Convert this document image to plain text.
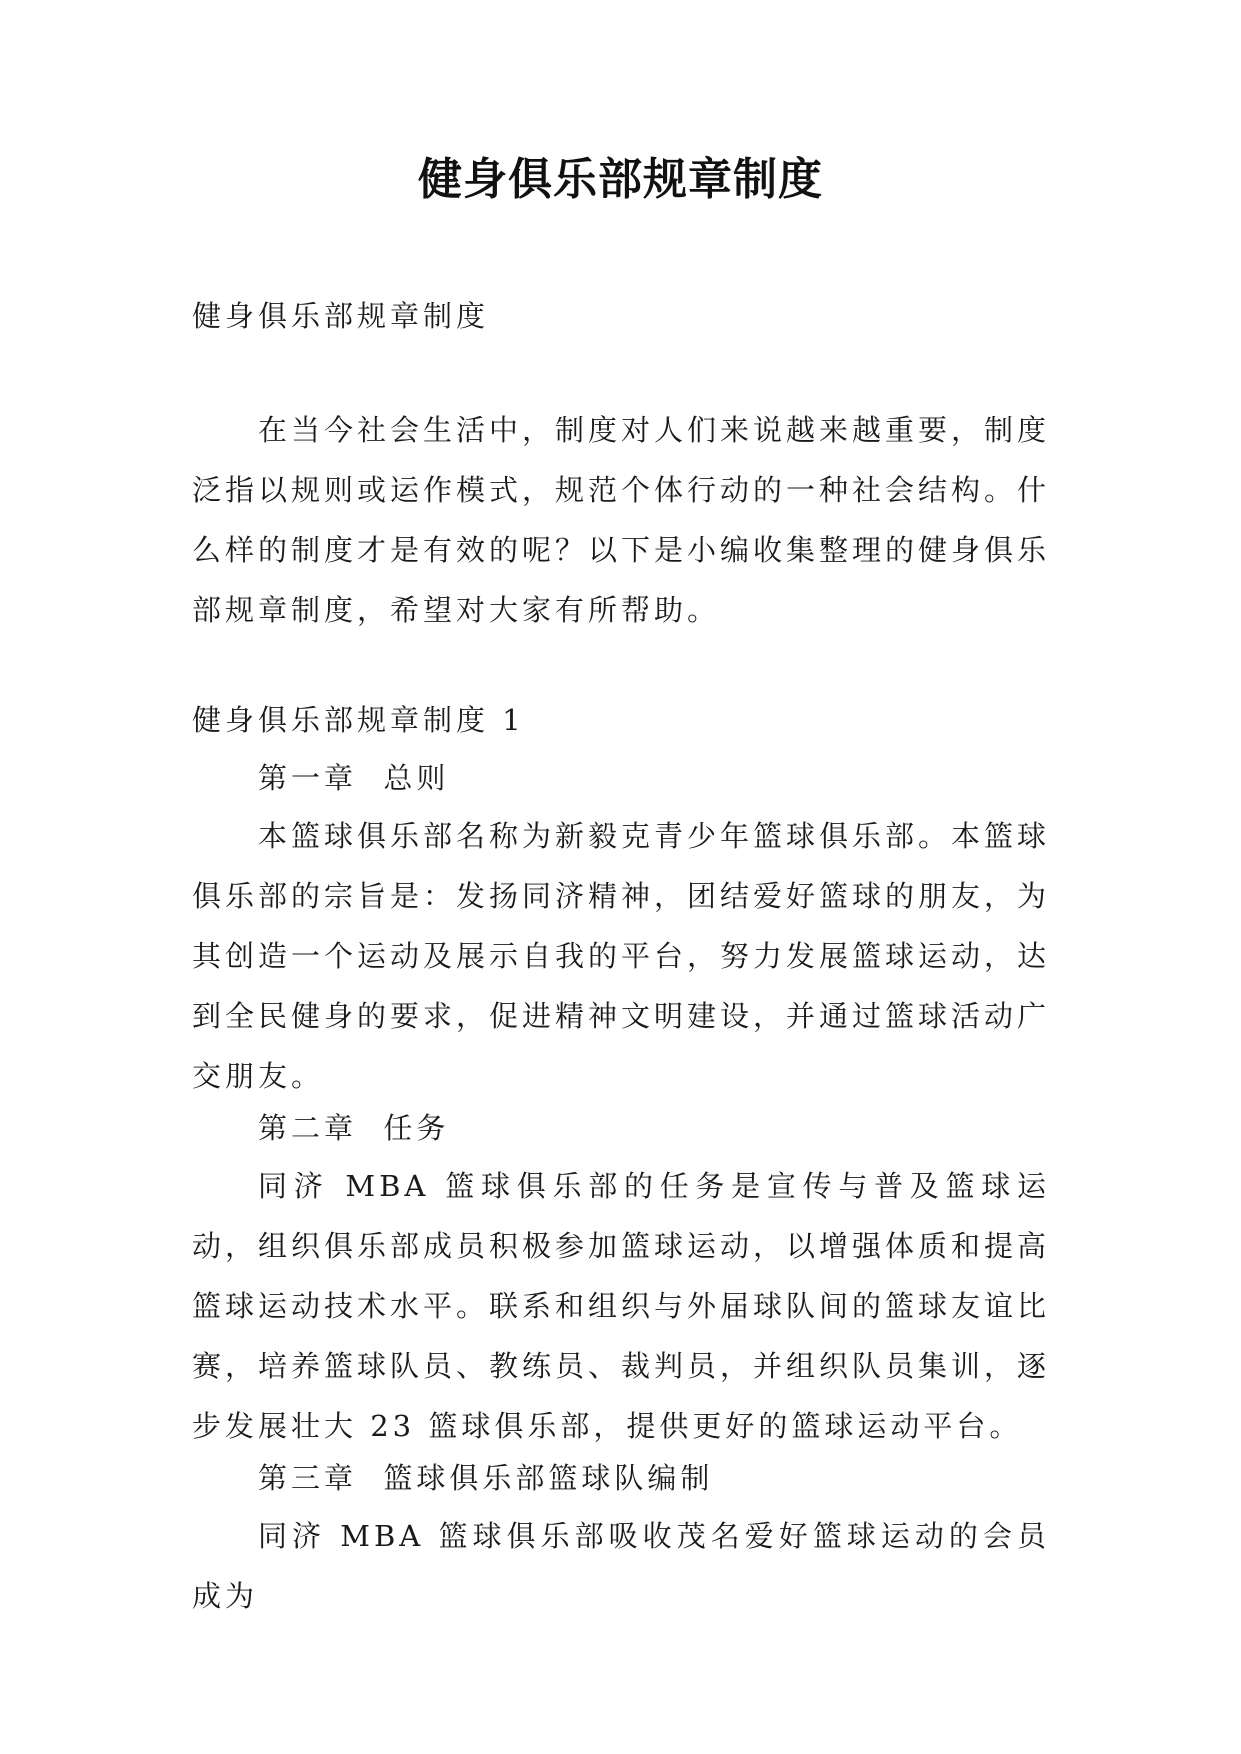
健身俱乐部规章制度

健身俱乐部规章制度

在当今社会生活中，制度对人们来说越来越重要，制度泛指以规则或运作模式，规范个体行动的一种社会结构。什么样的制度才是有效的呢？以下是小编收集整理的健身俱乐部规章制度，希望对大家有所帮助。

健身俱乐部规章制度 1

第一章  总则

本篮球俱乐部名称为新毅克青少年篮球俱乐部。本篮球俱乐部的宗旨是：发扬同济精神，团结爱好篮球的朋友，为其创造一个运动及展示自我的平台，努力发展篮球运动，达到全民健身的要求，促进精神文明建设，并通过篮球活动广交朋友。

第二章  任务

同济 MBA 篮球俱乐部的任务是宣传与普及篮球运动，组织俱乐部成员积极参加篮球运动，以增强体质和提高篮球运动技术水平。联系和组织与外届球队间的篮球友谊比赛，培养篮球队员、教练员、裁判员，并组织队员集训，逐步发展壮大 23 篮球俱乐部，提供更好的篮球运动平台。

第三章  篮球俱乐部篮球队编制

同济 MBA 篮球俱乐部吸收茂名爱好篮球运动的会员成为
